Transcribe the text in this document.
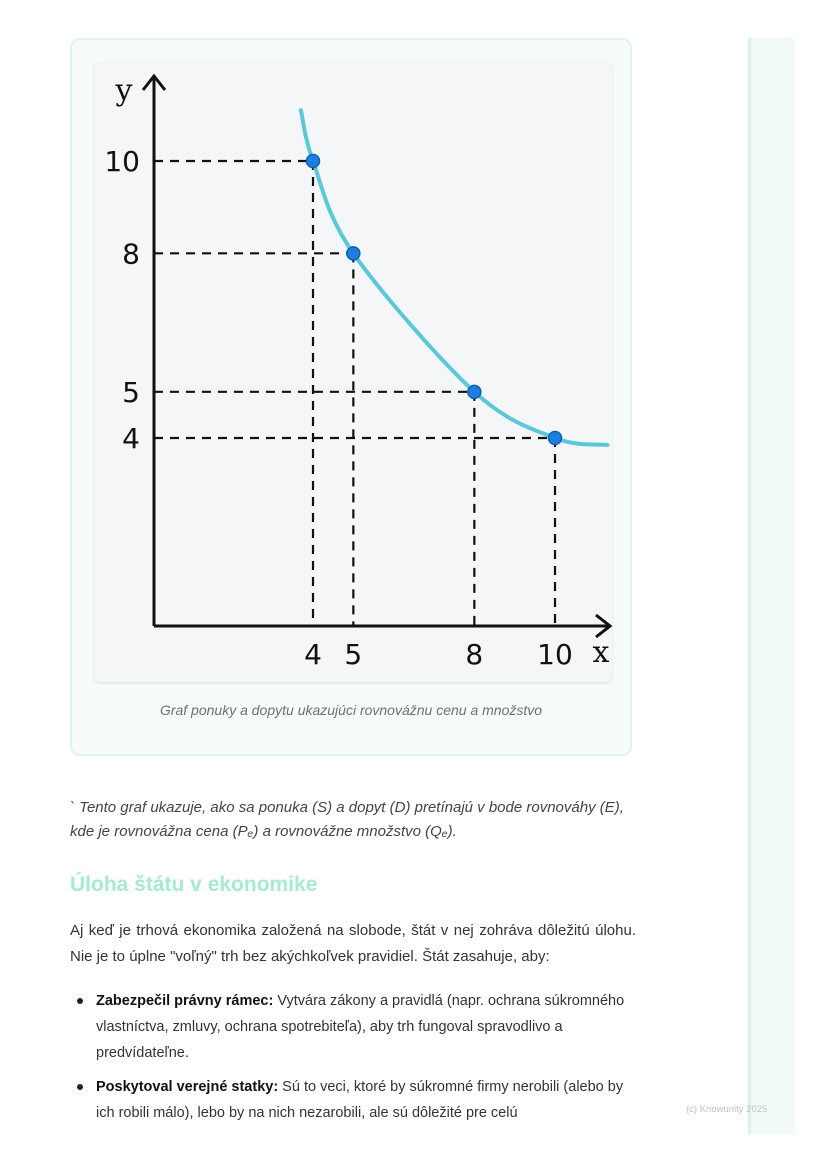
(c) Knowunity 2025
4
5
8
10
4 5	8 10 x
y
Graf ponuky a dopytu ukazujúci rovnovážnu cenu a množstvo
` Tento graf ukazuje, ako sa ponuka (S) a dopyt (D) pretínajú v bode rovnováhy (E), kde je rovnovážna cena (Pₑ) a rovnovážne množstvo (Qₑ).
Úloha štátu v ekonomike
Aj keď je trhová ekonomika založená na slobode, štát v nej zohráva dôležitú úlohu. Nie je to úplne "voľný" trh bez akýchkoľvek pravidiel. Štát zasahuje, aby:
Zabezpečil právny rámec: Vytvára zákony a pravidlá (napr. ochrana súkromného vlastníctva, zmluvy, ochrana spotrebiteľa), aby trh fungoval spravodlivo a predvídateľne.
Poskytoval verejné statky: Sú to veci, ktoré by súkromné firmy nerobili (alebo by ich robili málo), lebo by na nich nezarobili, ale sú dôležité pre celú
